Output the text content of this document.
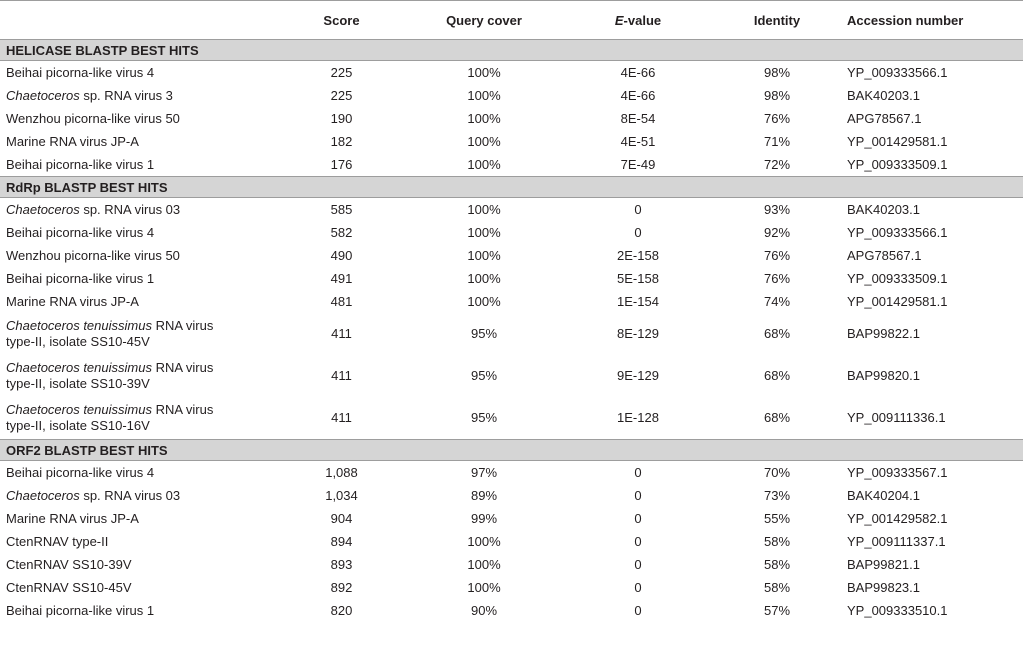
	Score	Query cover	E-value	Identity	Accession number
HELICASE BLASTP BEST HITS					
Beihai picorna-like virus 4	225	100%	4E-66	98%	YP_009333566.1
Chaetoceros sp. RNA virus 3	225	100%	4E-66	98%	BAK40203.1
Wenzhou picorna-like virus 50	190	100%	8E-54	76%	APG78567.1
Marine RNA virus JP-A	182	100%	4E-51	71%	YP_001429581.1
Beihai picorna-like virus 1	176	100%	7E-49	72%	YP_009333509.1
RdRp BLASTP BEST HITS					
Chaetoceros sp. RNA virus 03	585	100%	0	93%	BAK40203.1
Beihai picorna-like virus 4	582	100%	0	92%	YP_009333566.1
Wenzhou picorna-like virus 50	490	100%	2E-158	76%	APG78567.1
Beihai picorna-like virus 1	491	100%	5E-158	76%	YP_009333509.1
Marine RNA virus JP-A	481	100%	1E-154	74%	YP_001429581.1
Chaetoceros tenuissimus RNA virus
type-II, isolate SS10-45V	411	95%	8E-129	68%	BAP99822.1
Chaetoceros tenuissimus RNA virus
type-II, isolate SS10-39V	411	95%	9E-129	68%	BAP99820.1
Chaetoceros tenuissimus RNA virus
type-II, isolate SS10-16V	411	95%	1E-128	68%	YP_009111336.1
ORF2 BLASTP BEST HITS					
Beihai picorna-like virus 4	1,088	97%	0	70%	YP_009333567.1
Chaetoceros sp. RNA virus 03	1,034	89%	0	73%	BAK40204.1
Marine RNA virus JP-A	904	99%	0	55%	YP_001429582.1
CtenRNAV type-II	894	100%	0	58%	YP_009111337.1
CtenRNAV SS10-39V	893	100%	0	58%	BAP99821.1
CtenRNAV SS10-45V	892	100%	0	58%	BAP99823.1
Beihai picorna-like virus 1	820	90%	0	57%	YP_009333510.1
